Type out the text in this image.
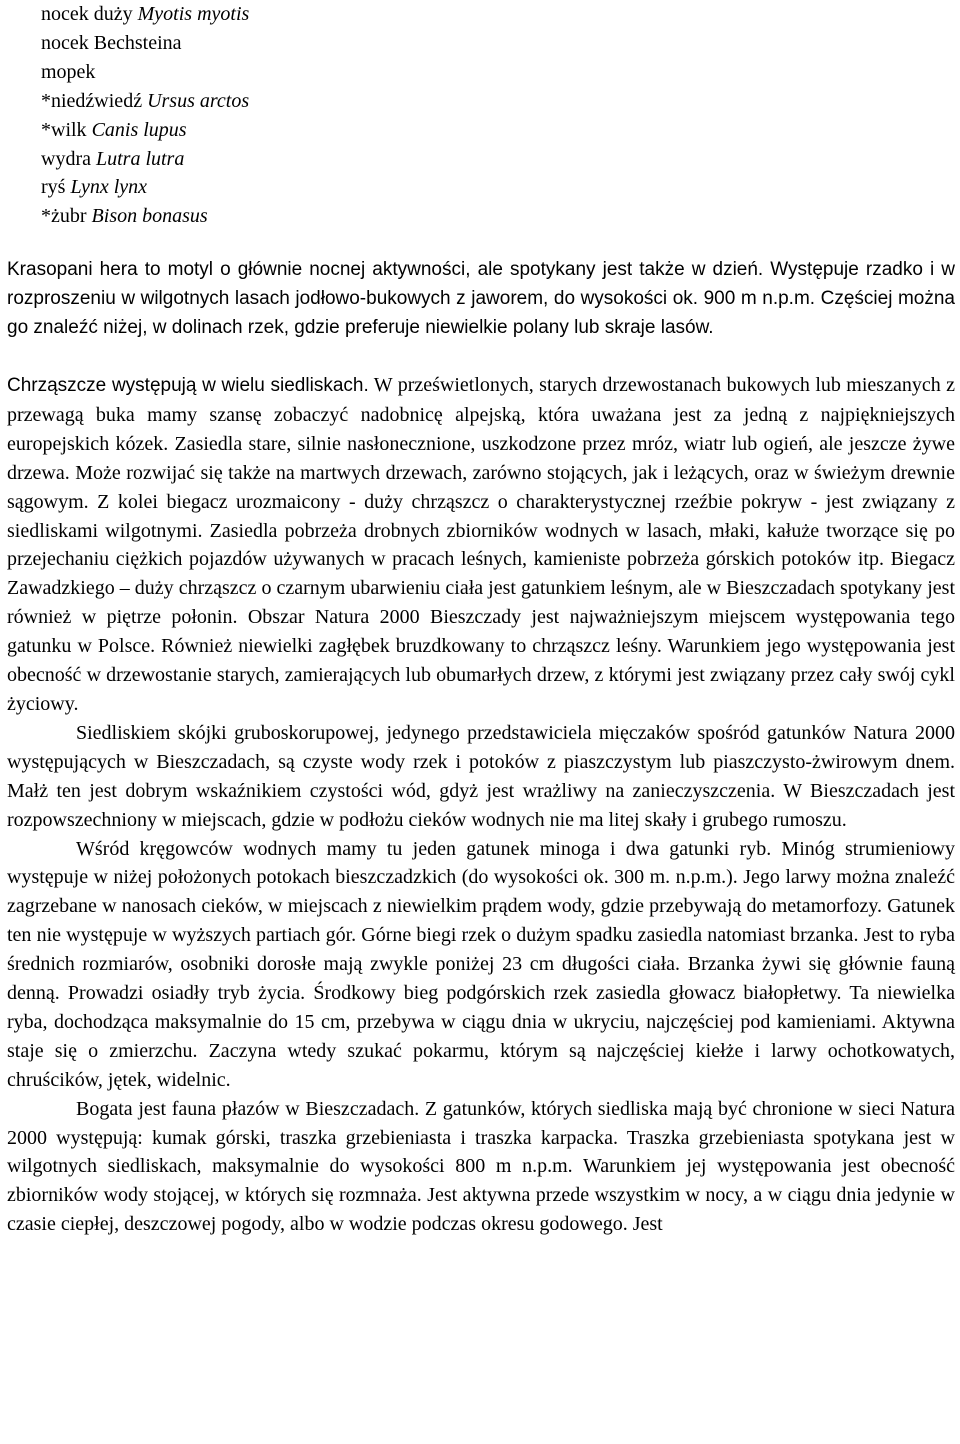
nocek duży Myotis myotis
nocek Bechsteina
mopek
*niedźwiedź Ursus arctos
*wilk Canis lupus
wydra Lutra lutra
ryś Lynx lynx
*żubr Bison bonasus

Krasopani hera to motyl o głównie nocnej aktywności, ale spotykany jest także w dzień. Występuje rzadko i w rozproszeniu w wilgotnych lasach jodłowo-bukowych z jaworem, do wysokości ok. 900 m n.p.m. Częściej można go znaleźć niżej, w dolinach rzek, gdzie preferuje niewielkie polany lub skraje lasów.

Chrząszcze występują w wielu siedliskach. W prześwietlonych, starych drzewostanach bukowych lub mieszanych z przewagą buka mamy szansę zobaczyć nadobnicę alpejską, która uważana jest za jedną z najpiękniejszych europejskich kózek. Zasiedla stare, silnie nasłonecznione, uszkodzone przez mróz, wiatr lub ogień, ale jeszcze żywe drzewa. Może rozwijać się także na martwych drzewach, zarówno stojących, jak i leżących, oraz w świeżym drewnie sągowym. Z kolei biegacz urozmaicony - duży chrząszcz o charakterystycznej rzeźbie pokryw - jest związany z siedliskami wilgotnymi. Zasiedla pobrzeża drobnych zbiorników wodnych w lasach, młaki, kałuże tworzące się po przejechaniu ciężkich pojazdów używanych w pracach leśnych, kamieniste pobrzeża górskich potoków itp. Biegacz Zawadzkiego – duży chrząszcz o czarnym ubarwieniu ciała jest gatunkiem leśnym, ale w Bieszczadach spotykany jest również w piętrze połonin. Obszar Natura 2000 Bieszczady jest najważniejszym miejscem występowania tego gatunku w Polsce. Również niewielki zagłębek bruzdkowany to chrząszcz leśny. Warunkiem jego występowania jest obecność w drzewostanie starych, zamierających lub obumarłych drzew, z którymi jest związany przez cały swój cykl życiowy.

Siedliskiem skójki gruboskorupowej, jedynego przedstawiciela mięczaków spośród gatunków Natura 2000 występujących w Bieszczadach, są czyste wody rzek i potoków z piaszczystym lub piaszczysto-żwirowym dnem. Małż ten jest dobrym wskaźnikiem czystości wód, gdyż jest wrażliwy na zanieczyszczenia. W Bieszczadach jest rozpowszechniony w miejscach, gdzie w podłożu cieków wodnych nie ma litej skały i grubego rumoszu.

Wśród kręgowców wodnych mamy tu jeden gatunek minoga i dwa gatunki ryb. Minóg strumieniowy występuje w niżej położonych potokach bieszczadzkich (do wysokości ok. 300 m. n.p.m.). Jego larwy można znaleźć zagrzebane w nanosach cieków, w miejscach z niewielkim prądem wody, gdzie przebywają do metamorfozy. Gatunek ten nie występuje w wyższych partiach gór. Górne biegi rzek o dużym spadku zasiedla natomiast brzanka. Jest to ryba średnich rozmiarów, osobniki dorosłe mają zwykle poniżej 23 cm długości ciała. Brzanka żywi się głównie fauną denną. Prowadzi osiadły tryb życia. Środkowy bieg podgórskich rzek zasiedla głowacz białopłetwy. Ta niewielka ryba, dochodząca maksymalnie do 15 cm, przebywa w ciągu dnia w ukryciu, najczęściej pod kamieniami. Aktywna staje się o zmierzchu. Zaczyna wtedy szukać pokarmu, którym są najczęściej kiełże i larwy ochotkowatych, chruścików, jętek, widelnic.

Bogata jest fauna płazów w Bieszczadach. Z gatunków, których siedliska mają być chronione w sieci Natura 2000 występują: kumak górski, traszka grzebieniasta i traszka karpacka. Traszka grzebieniasta spotykana jest w wilgotnych siedliskach, maksymalnie do wysokości 800 m n.p.m. Warunkiem jej występowania jest obecność zbiorników wody stojącej, w których się rozmnaża. Jest aktywna przede wszystkim w nocy, a w ciągu dnia jedynie w czasie ciepłej, deszczowej pogody, albo w wodzie podczas okresu godowego. Jest
